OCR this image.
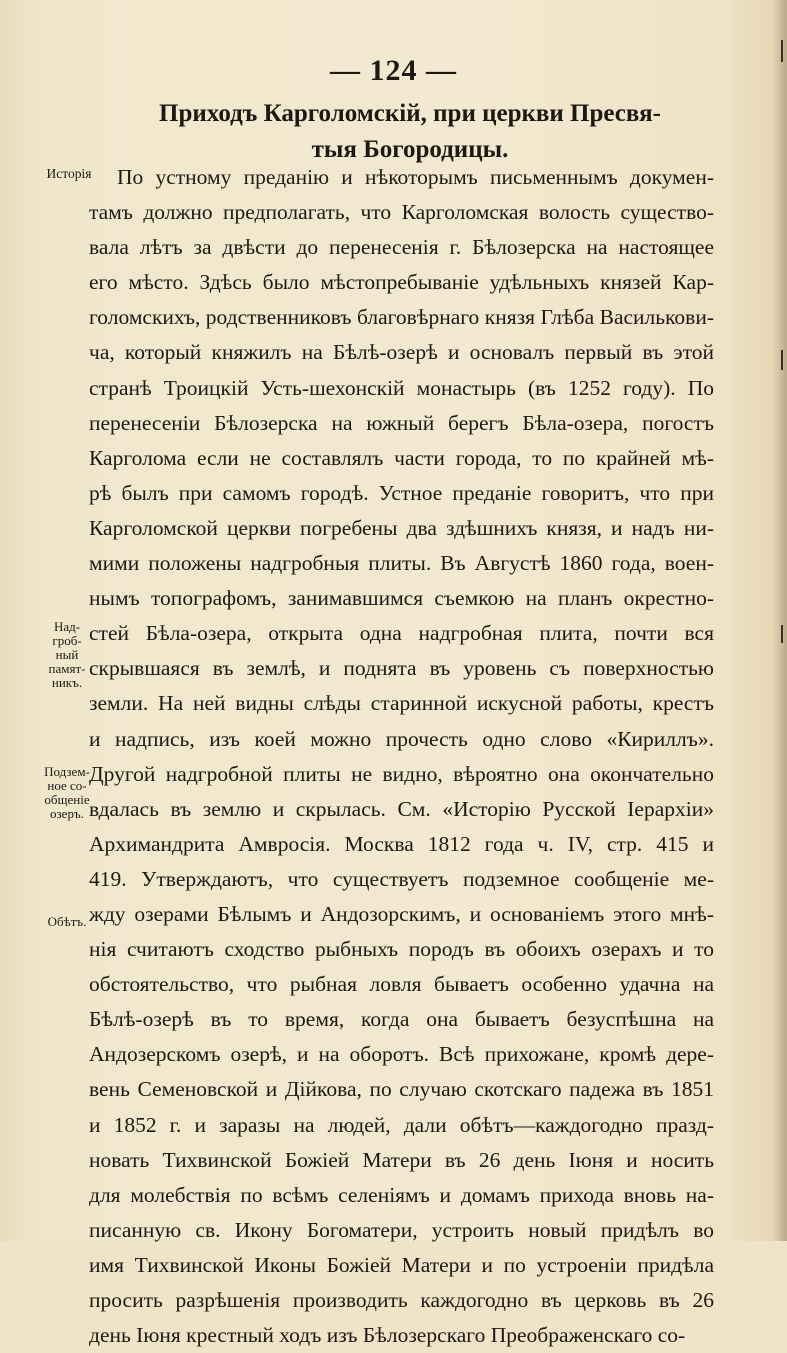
— 124 —
Приходъ Карголомскiй, при церкви Пресвя-
тыя Богородицы.
Исторiя
Над-
гроб-
ный
памят-
никъ.
Подзем-
ное со-
общенiе
озеръ.
Обѣтъ.
По устному преданiю и нѣкоторымъ письменнымъ докумен-
тамъ должно предполагать, что Карголомская волость существо-
вала лѣтъ за двѣсти до перенесенiя г. Бѣлозерска на настоящее
его мѣсто. Здѣсь было мѣстопребыванiе удѣльныхъ князей Кар-
голомскихъ, родственниковъ благовѣрнаго князя Глѣба Василькови-
ча, который княжилъ на Бѣлѣ-озерѣ и основалъ первый въ этой
странѣ Троицкiй Усть-шехонскiй монастырь (въ 1252 году). По
перенесенiи Бѣлозерска на южный берегъ Бѣла-озера, погостъ
Карголома если не составлялъ части города, то по крайней мѣ-
рѣ былъ при самомъ городѣ. Устное преданiе говоритъ, что при
Карголомской церкви погребены два здѣшнихъ князя, и надъ ни-
мими положены надгробныя плиты. Въ Августѣ 1860 года, воен-
нымъ топографомъ, занимавшимся съемкою на планъ окрестно-
стей Бѣла-озера, открыта одна надгробная плита, почти вся
скрывшаяся въ землѣ, и поднята въ уровень съ поверхностью
земли. На ней видны слѣды старинной искусной работы, крестъ
и надпись, изъ коей можно прочесть одно слово «Кириллъ».
Другой надгробной плиты не видно, вѣроятно она окончательно
вдалась въ землю и скрылась. См. «Исторiю Русской Iерархiи»
Архимандрита Амвросiя. Москва 1812 года ч. IV, стр. 415 и
419. Утверждаютъ, что существуетъ подземное сообщенiе ме-
жду озерами Бѣлымъ и Андозорскимъ, и основанiемъ этого мнѣ-
нiя считаютъ сходство рыбныхъ породъ въ обоихъ озерахъ и то
обстоятельство, что рыбная ловля бываетъ особенно удачна на
Бѣлѣ-озерѣ въ то время, когда она бываетъ безуспѣшна на
Андозерскомъ озерѣ, и на оборотъ. Всѣ прихожане, кромѣ дере-
вень Семеновской и Дiйкова, по случаю скотскаго падежа въ 1851
и 1852 г. и заразы на людей, дали обѣтъ—каждогодно празд-
новать Тихвинской Божiей Матери въ 26 день Iюня и носить
для молебствiя по всѣмъ селенiямъ и домамъ прихода вновь на-
писанную св. Икону Богоматери, устроить новый придѣлъ во
имя Тихвинской Иконы Божiей Матери и по устроенiи придѣла
просить разрѣшенiя производить каждогодно въ церковь въ 26
день Iюня крестный ходъ изъ Бѣлозерскаго Преображенскаго со-
